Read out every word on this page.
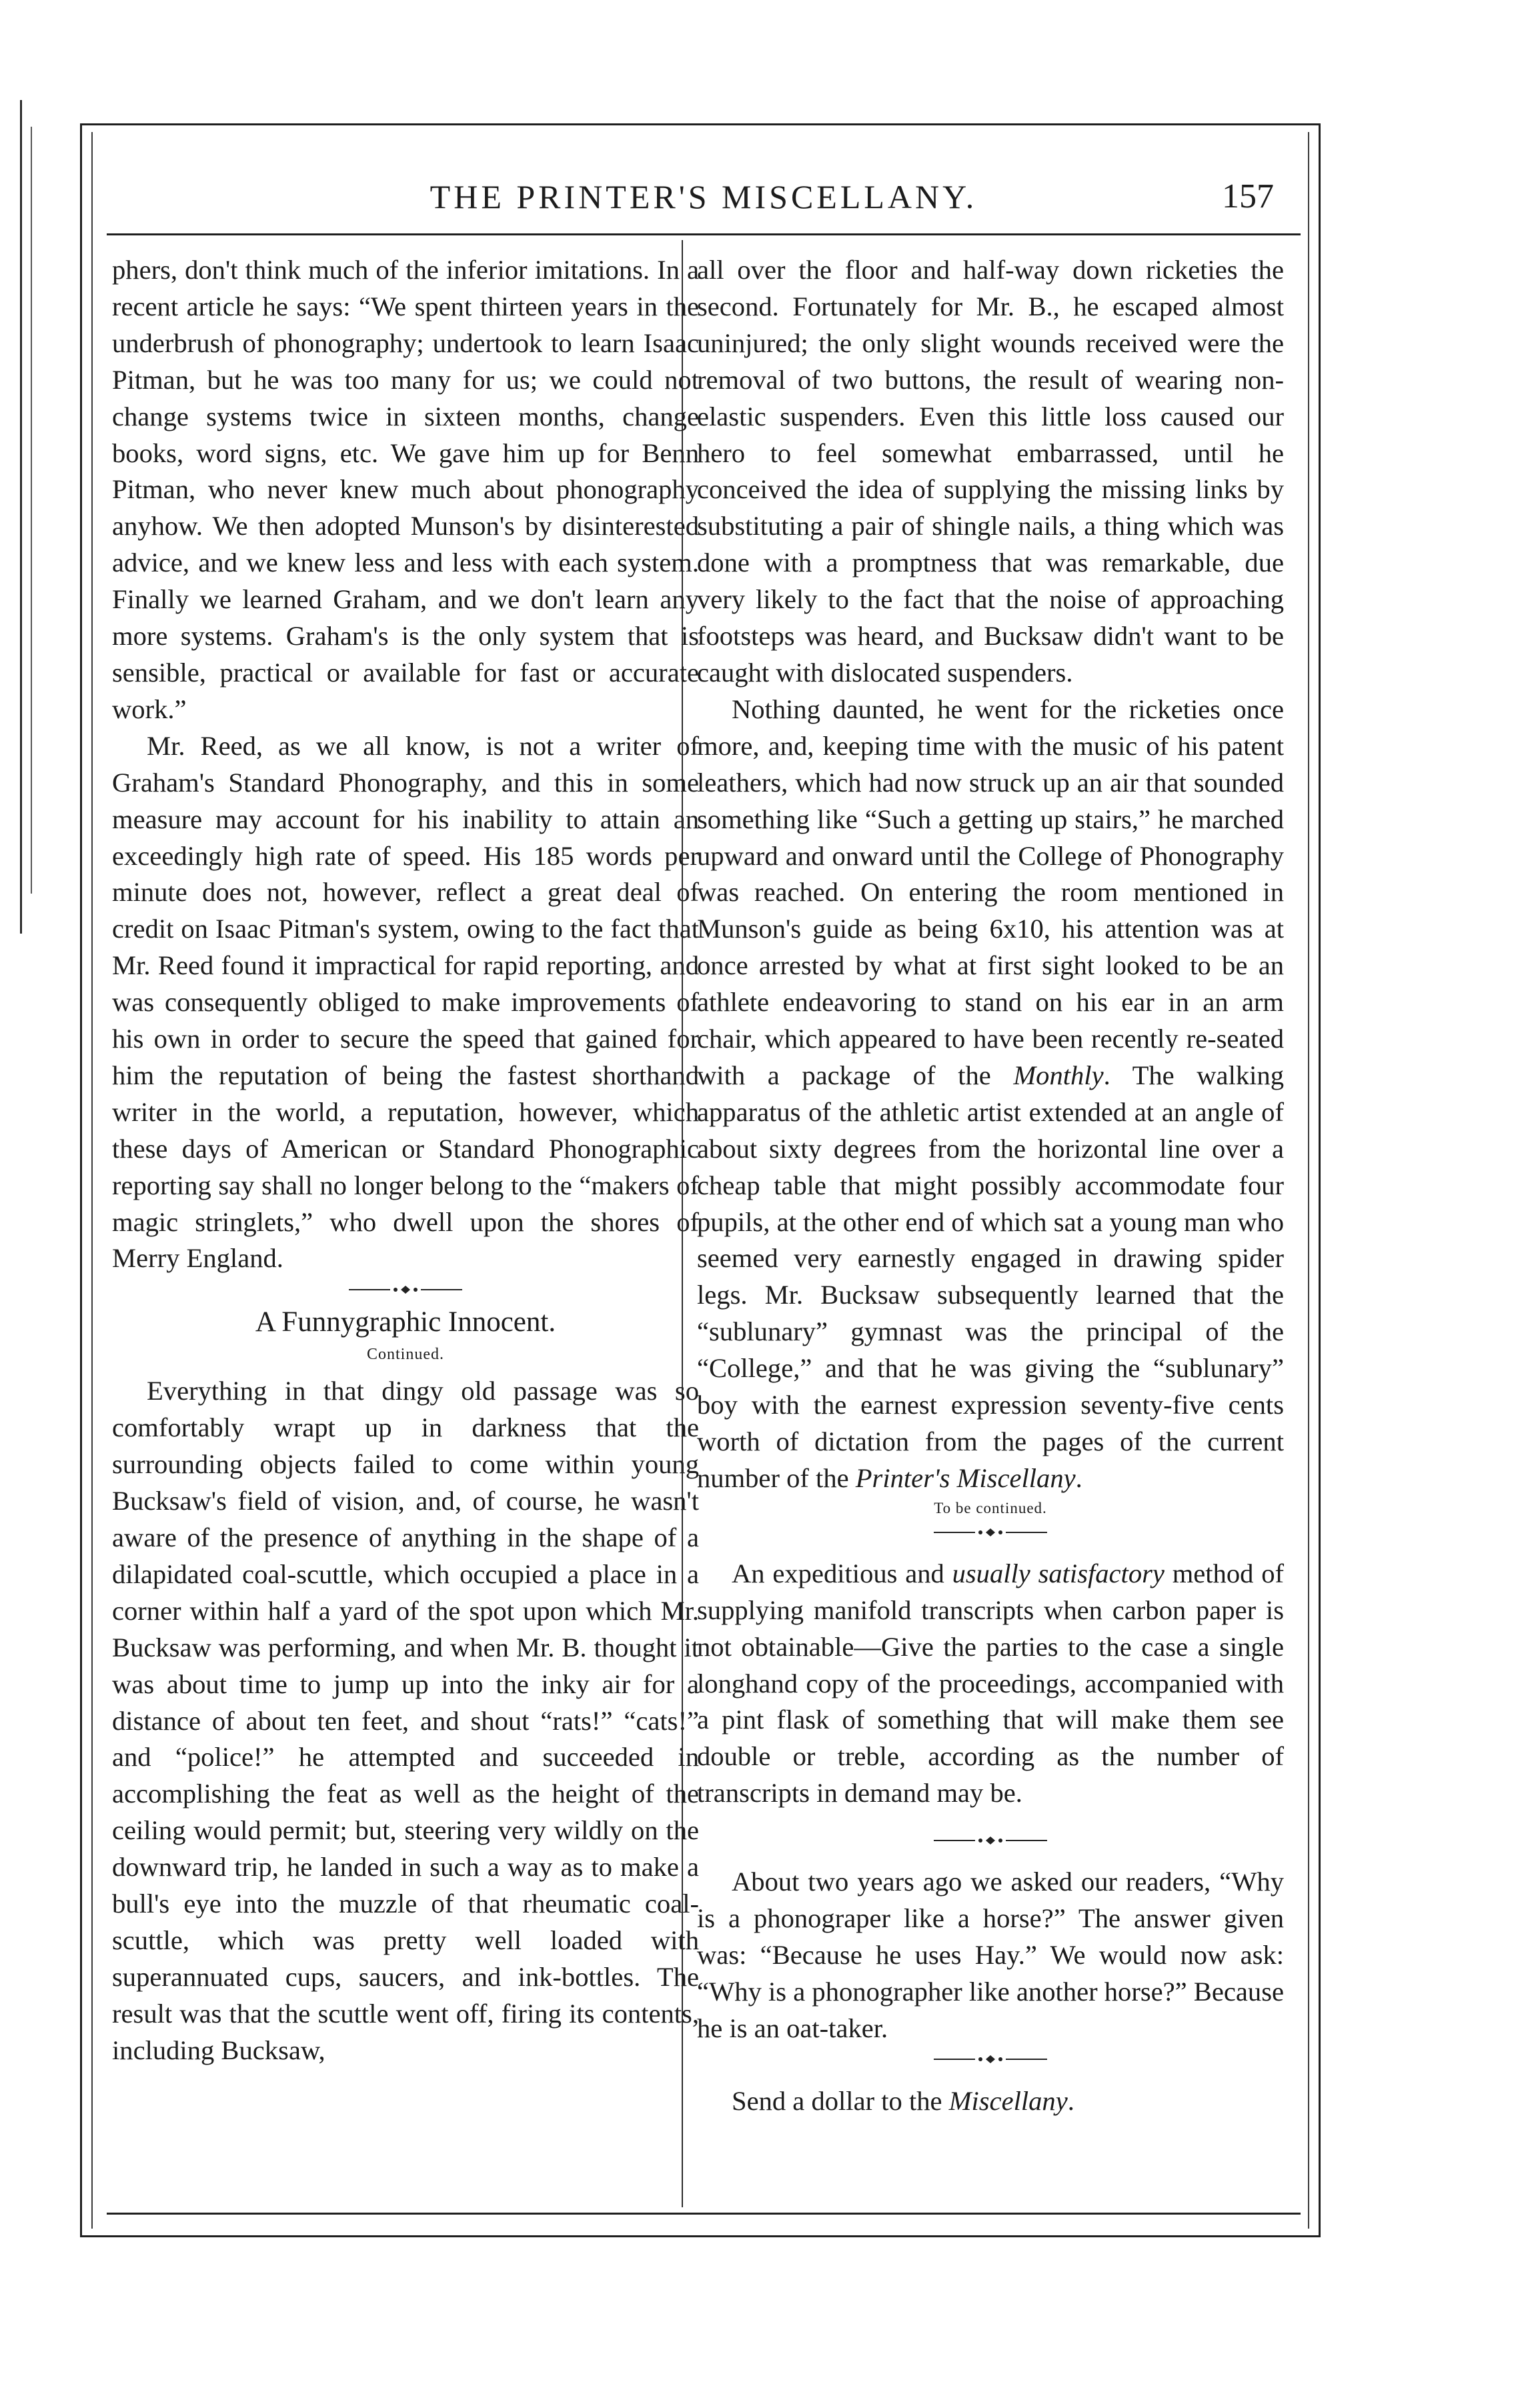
THE PRINTER'S MISCELLANY.	157

phers, don't think much of the inferior imitations. In a recent article he says: “We spent thirteen years in the underbrush of phonography; undertook to learn Isaac Pitman, but he was too many for us; we could not change systems twice in sixteen months, change books, word signs, etc. We gave him up for Benn Pitman, who never knew much about phonography anyhow. We then adopted Munson's by disinterested advice, and we knew less and less with each system. Finally we learned Graham, and we don't learn any more systems. Graham's is the only system that is sensible, practical or available for fast or accurate work.”

Mr. Reed, as we all know, is not a writer of Graham's Standard Phonography, and this in some measure may account for his inability to attain an exceedingly high rate of speed. His 185 words per minute does not, however, reflect a great deal of credit on Isaac Pitman's system, owing to the fact that Mr. Reed found it impractical for rapid reporting, and was consequently obliged to make improvements of his own in order to secure the speed that gained for him the reputation of being the fastest shorthand writer in the world, a reputation, however, which these days of American or Standard Phonographic reporting say shall no longer belong to the “makers of magic stringlets,” who dwell upon the shores of Merry England.

A Funnygraphic Innocent.
Continued.

Everything in that dingy old passage was so comfortably wrapt up in darkness that the surrounding objects failed to come within young Bucksaw's field of vision, and, of course, he wasn't aware of the presence of anything in the shape of a dilapidated coal-scuttle, which occupied a place in a corner within half a yard of the spot upon which Mr. Bucksaw was performing, and when Mr. B. thought it was about time to jump up into the inky air for a distance of about ten feet, and shout “rats!” “cats!” and “police!” he attempted and succeeded in accomplishing the feat as well as the height of the ceiling would permit; but, steering very wildly on the downward trip, he landed in such a way as to make a bull's eye into the muzzle of that rheumatic coal-scuttle, which was pretty well loaded with superannuated cups, saucers, and ink-bottles. The result was that the scuttle went off, firing its contents, including Bucksaw,

all over the floor and half-way down ricketies the second. Fortunately for Mr. B., he escaped almost uninjured; the only slight wounds received were the removal of two buttons, the result of wearing non-elastic suspenders. Even this little loss caused our hero to feel somewhat embarrassed, until he conceived the idea of supplying the missing links by substituting a pair of shingle nails, a thing which was done with a promptness that was remarkable, due very likely to the fact that the noise of approaching footsteps was heard, and Bucksaw didn't want to be caught with dislocated suspenders.

Nothing daunted, he went for the ricketies once more, and, keeping time with the music of his patent leathers, which had now struck up an air that sounded something like “Such a getting up stairs,” he marched upward and onward until the College of Phonography was reached. On entering the room mentioned in Munson's guide as being 6x10, his attention was at once arrested by what at first sight looked to be an athlete endeavoring to stand on his ear in an arm chair, which appeared to have been recently re-seated with a package of the Monthly. The walking apparatus of the athletic artist extended at an angle of about sixty degrees from the horizontal line over a cheap table that might possibly accommodate four pupils, at the other end of which sat a young man who seemed very earnestly engaged in drawing spider legs. Mr. Bucksaw subsequently learned that the “sublunary” gymnast was the principal of the “College,” and that he was giving the “sublunary” boy with the earnest expression seventy-five cents worth of dictation from the pages of the current number of the Printer's Miscellany.

To be continued.

An expeditious and usually satisfactory method of supplying manifold transcripts when carbon paper is not obtainable—Give the parties to the case a single longhand copy of the proceedings, accompanied with a pint flask of something that will make them see double or treble, according as the number of transcripts in demand may be.

About two years ago we asked our readers, “Why is a phonograper like a horse?” The answer given was: “Because he uses Hay.” We would now ask: “Why is a phonographer like another horse?” Because he is an oat-taker.

Send a dollar to the Miscellany.
